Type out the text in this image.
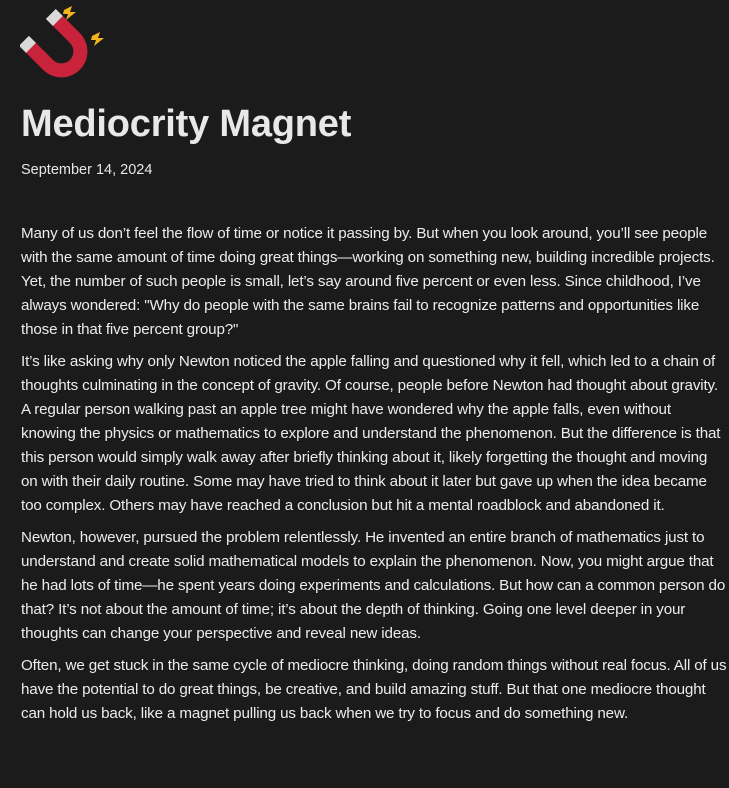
Mediocrity Magnet
September 14, 2024

Many of us don’t feel the flow of time or notice it passing by. But when you look around, you’ll see people with the same amount of time doing great things—working on something new, building incredible projects. Yet, the number of such people is small, let’s say around five percent or even less. Since childhood, I’ve always wondered: "Why do people with the same brains fail to recognize patterns and opportunities like those in that five percent group?"

It’s like asking why only Newton noticed the apple falling and questioned why it fell, which led to a chain of thoughts culminating in the concept of gravity. Of course, people before Newton had thought about gravity. A regular person walking past an apple tree might have wondered why the apple falls, even without knowing the physics or mathematics to explore and understand the phenomenon. But the difference is that this person would simply walk away after briefly thinking about it, likely forgetting the thought and moving on with their daily routine. Some may have tried to think about it later but gave up when the idea became too complex. Others may have reached a conclusion but hit a mental roadblock and abandoned it.

Newton, however, pursued the problem relentlessly. He invented an entire branch of mathematics just to understand and create solid mathematical models to explain the phenomenon. Now, you might argue that he had lots of time—he spent years doing experiments and calculations. But how can a common person do that? It’s not about the amount of time; it’s about the depth of thinking. Going one level deeper in your thoughts can change your perspective and reveal new ideas.

Often, we get stuck in the same cycle of mediocre thinking, doing random things without real focus. All of us have the potential to do great things, be creative, and build amazing stuff. But that one mediocre thought can hold us back, like a magnet pulling us back when we try to focus and do something new.
